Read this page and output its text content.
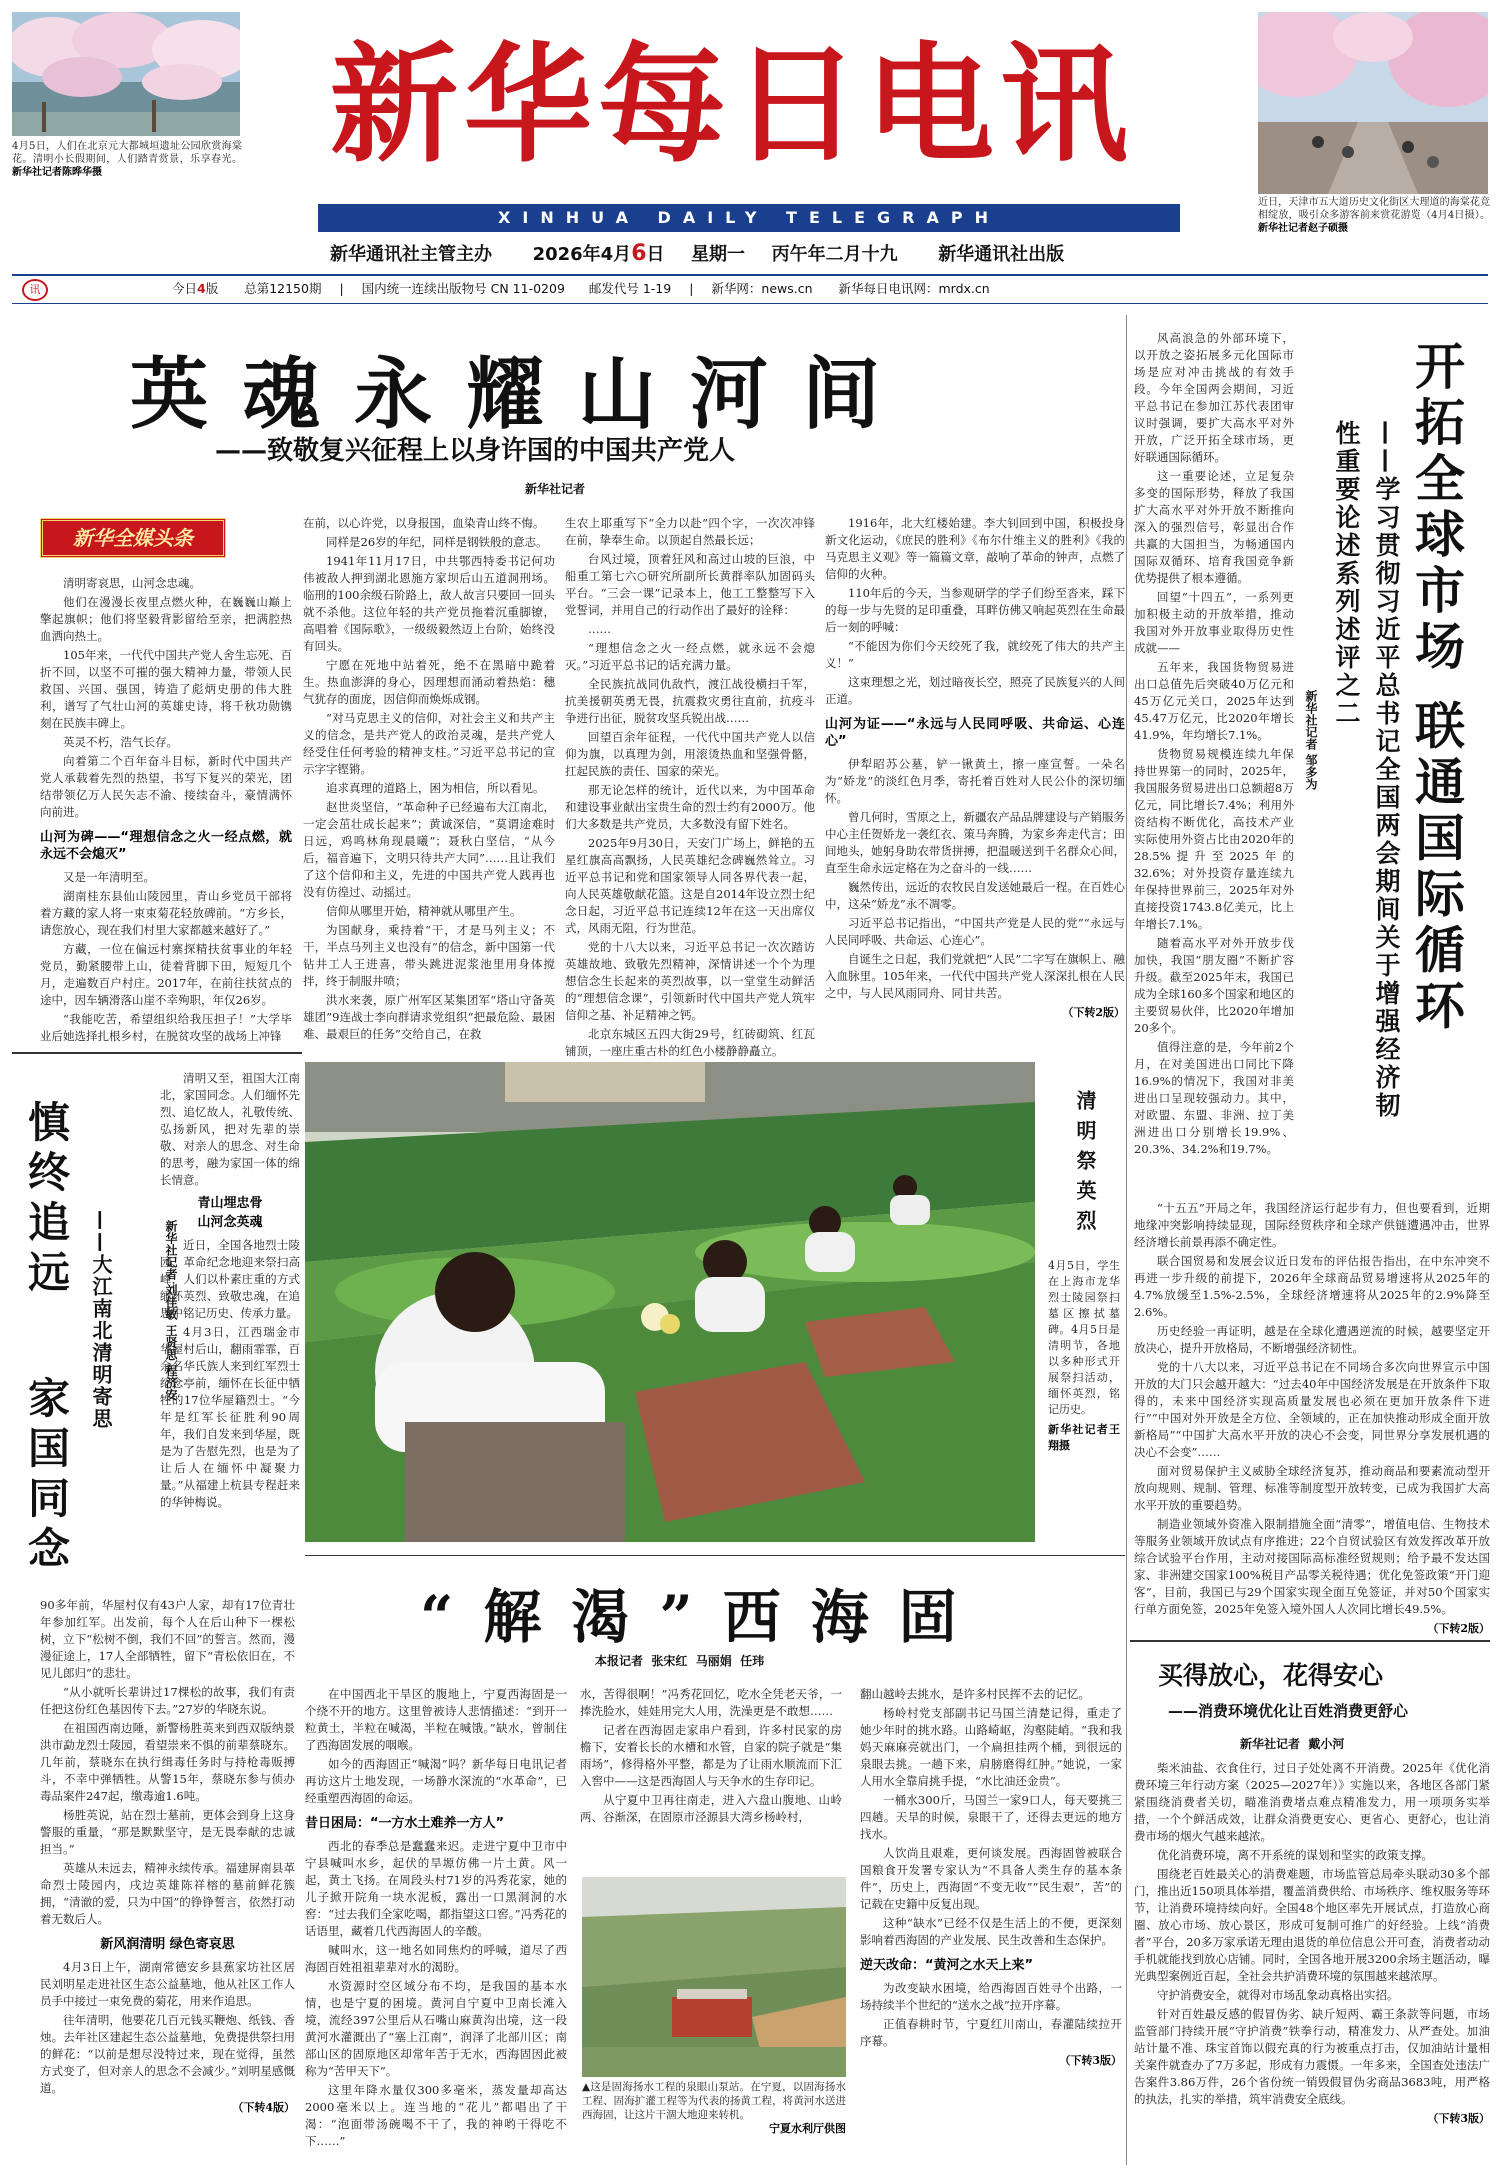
4月5日，人们在北京元大都城垣遗址公园欣赏海棠花。清明小长假期间，人们踏青赏景，乐享春光。 新华社记者陈晔华摄
近日，天津市五大道历史文化街区大理道的海棠花竞相绽放，吸引众多游客前来赏花游览（4月4日摄）。 新华社记者赵子硕摄
新华每日电讯
XINHUA DAILY TELEGRAPH
新华通讯社主管主办 2026年4月6日 星期一 丙午年二月十九 新华通讯社出版
讯	今日4版 总第12150期 | 国内统一连续出版物号 CN 11-0209 邮发代号 1-19 | 新华网：news.cn 新华每日电讯网：mrdx.cn
英魂永耀山河间
——致敬复兴征程上以身许国的中国共产党人
新华社记者
新华全媒头条

清明寄哀思，山河念忠魂。

他们在漫漫长夜里点燃火种，在巍巍山巅上擎起旗帜；他们将坚毅背影留给至亲，把满腔热血洒向热土。

105年来，一代代中国共产党人舍生忘死、百折不回，以坚不可摧的强大精神力量，带领人民救国、兴国、强国，铸造了彪炳史册的伟大胜利，谱写了气壮山河的英雄史诗，将千秋功勋镌刻在民族丰碑上。

英灵不朽，浩气长存。

向着第二个百年奋斗目标，新时代中国共产党人承载着先烈的热望，书写下复兴的荣光，团结带领亿万人民矢志不渝、接续奋斗，豪情满怀向前进。

山河为碑——“理想信念之火一经点燃，就永远不会熄灭”

又是一年清明至。

湖南桂东县仙山陵园里，青山乡党员干部将着方藏的家人将一束束菊花轻放碑前。“方乡长，请您放心，现在我们村里大家都越来越好了。”

方藏，一位在偏远村寨探精扶贫事业的年轻党员，勤紧腰带上山，徒着背脚下田，短短几个月，走遍数百户村庄。2017年，在前往扶贫点的途中，因车辆滑落山崖不幸殉职，年仅26岁。

“我能吃苦，希望组织给我压担子！”大学毕业后她选择扎根乡村，在脱贫攻坚的战场上冲锋

在前，以心许党，以身报国，血染青山终不悔。

同样是26岁的年纪，同样是钢铁般的意志。

1941年11月17日，中共鄂西特委书记何功伟被敌人押到湖北恩施方家坝后山五道洞刑场。临刑的100余级石阶路上，敌人故言只要回一回头就不杀他。这位年轻的共产党员拖着沉重脚镣，高唱着《国际歌》，一级级毅然迈上台阶，始终没有回头。

宁愿在死地中站着死，绝不在黑暗中跪着生。热血澎湃的身心，因理想而涌动着热焰：穗气犹存的面庞，因信仰而焕烁成钢。

“对马克思主义的信仰，对社会主义和共产主义的信念，是共产党人的政治灵魂，是共产党人经受住任何考验的精神支柱。”习近平总书记的宣示字字铿锵。

追求真理的道路上，困为相信，所以看见。

赵世炎坚信，“革命种子已经遍布大江南北，一定会茁壮成长起来”；黄诚深信，“莫谓途难时日远，鸡鸣林角现晨曦”；聂秋白坚信，“从今后，福音遍下，文明只待共产大同”……且让我们了这个信仰和主义，先进的中国共产党人践再也没有仿徨过、动摇过。

信仰从哪里开始，精神就从哪里产生。

为国献身，乘持着“干，才是马列主义；不干，半点马列主义也没有”的信念，新中国第一代钻井工人王进喜，带头跳进泥浆池里用身体搅拌，终于制服井喷；

洪水来袭，原广州军区某集团军“塔山守备英雄团”9连战士李向群请求党组织“把最危险、最困难、最艰巨的任务”交给自己，在救

生农上耶重写下“全力以赴”四个字，一次次冲锋在前，挚奉生命。以顶起自然最长远；

台风过境，顶着狂风和高过山坡的巨浪，中船重工第七六○研究所副所长黄群率队加固码头平台。“三会一课”记录本上，他工工整整写下入党誓词，并用自己的行动作出了最好的诠释：

……

“理想信念之火一经点燃，就永远不会熄灭。”习近平总书记的话充满力量。

全民族抗战同仇敌忾，渡江战役横扫千军，抗美援朝英勇无畏，抗震救灾勇往直前，抗疫斗争进行出征，脱贫攻坚兵锐出战……

回望百余年征程，一代代中国共产党人以信仰为旗，以真理为剑，用滚烫热血和坚强骨骼，扛起民族的责任、国家的荣光。

那无论怎样的统计，近代以来，为中国革命和建设事业献出宝贵生命的烈士约有2000万。他们大多数是共产党员，大多数没有留下姓名。

2025年9月30日，天安门广场上，鲜艳的五星红旗高高飘扬，人民英雄纪念碑巍然耸立。习近平总书记和党和国家领导人同各界代表一起，向人民英雄敬献花篮。这是自2014年设立烈士纪念日起，习近平总书记连续12年在这一天出席仪式，风雨无阻，行为世范。

党的十八大以来，习近平总书记一次次踏访英雄故地、致敬先烈精神，深情讲述一个个为理想信念生长起来的英烈故事，以一堂堂生动鲜活的“理想信念课”，引领新时代中国共产党人筑牢信仰之基、补足精神之钙。

北京东城区五四大街29号，红砖砌筑、红瓦铺顶，一座庄重古朴的红色小楼静静矗立。

1916年，北大红楼始建。李大钊回到中国，积极投身新文化运动，《庶民的胜利》《布尔什维主义的胜利》《我的马克思主义观》等一篇篇文章，敲响了革命的钟声，点燃了信仰的火种。

110年后的今天，当参观研学的学子们纷至沓来，踩下的每一步与先贤的足印重叠，耳畔仿佛又响起英烈在生命最后一刻的呼喊：

“不能因为你们今天绞死了我，就绞死了伟大的共产主义！”

这束理想之光，划过暗夜长空，照亮了民族复兴的人间正道。

山河为证——“永远与人民同呼吸、共命运、心连心”

伊犁昭苏公墓，铲一锹黄土，擦一座宣誓。一朵名为“娇龙”的淡红色月季，寄托着百姓对人民公仆的深切缅怀。

曾几何时，雪原之上，新疆农产品品牌建设与产销服务中心主任贺娇龙一袭红衣、策马奔腾，为家乡奔走代言；田间地头，她躬身助农带货拼搏，把温暖送到千名群众心间，直至生命永远定格在为之奋斗的一线……

巍然传出，远近的农牧民自发送她最后一程。在百姓心中，这朵“娇龙”永不凋零。

习近平总书记指出，“中国共产党是人民的党”“永远与人民同呼吸、共命运、心连心”。

自诞生之日起，我们党就把“人民”二字写在旗帜上、融入血脉里。105年来，一代代中国共产党人深深扎根在人民之中，与人民风雨同舟、同甘共苦。

（下转2版）
清明祭英烈
4月5日，学生在上海市龙华烈士陵园祭扫墓区擦拭墓碑。4月5日是清明节，各地以多种形式开展祭扫活动，缅怀英烈，铭记历史。
新华社记者王翔摄
慎终追远
家国同念
——大江南北清明寄思	新华社记者 刘佳敏 王贤思 程济安

清明又至，祖国大江南北，家国同念。人们缅怀先烈、追忆故人，礼敬传统、弘扬新风，把对先辈的崇敬、对亲人的思念、对生命的思考，融为家国一体的绵长情意。

青山埋忠骨
山河念英魂

近日，全国各地烈士陵园、革命纪念地迎来祭扫高峰，人们以朴素庄重的方式缅怀英烈、致敬忠魂，在追思中铭记历史、传承力量。

4月3日，江西瑞金市华屋村后山，翻雨霏霏，百余名华氏族人来到红军烈士纪念亭前，缅怀在长征中牺牲的17位华屋籍烈士。“今年是红军长征胜利90周年，我们自发来到华屋，既是为了告慰先烈，也是为了让后人在缅怀中凝聚力量。”从福建上杭县专程赶来的华钟梅说。

90多年前，华屋村仅有43户人家，却有17位青壮年参加红军。出发前，每个人在后山种下一棵松树，立下“松树不倒，我们不回”的誓言。然而，漫漫征途上，17人全部牺牲，留下“青松依旧在，不见儿郎归”的悲壮。

“从小就听长辈讲过17棵松的故事，我们有责任把这份红色基因传下去。”27岁的华晓东说。

在祖国西南边陲，新警杨胜英来到西双版纳景洪市勐龙烈士陵园，看望崇来不惧的前辈蔡晓东。几年前，蔡晓东在执行缉毒任务时与持枪毒贩搏斗，不幸中弹牺牲。从警15年，蔡晓东参与侦办毒品案件247起，缴毒逾1.6吨。

杨胜英说，站在烈士墓前，更体会到身上这身警服的重量，“那是默默坚守，是无畏奉献的忠诚担当。”

英雄从未远去，精神永续传承。福建屏南县革命烈士陵园内，戌边英雄陈祥榕的墓前鲜花簇拥，“清澈的爱，只为中国”的铮铮誓言，依然打动着无数后人。

新风润清明 绿色寄哀思

4月3日上午，湖南常德安乡县蕉家坊社区居民刘明星走进社区生态公益墓地，他从社区工作人员手中接过一束免费的菊花，用来作追思。

往年清明，他要花几百元钱买鞭炮、纸钱、香烛。去年社区建起生态公益墓地，免费提供祭扫用的鲜花：“以前是想尽没特过来，现在觉得，虽然方式变了，但对亲人的思念不会减少。”刘明星感慨道。

（下转4版）
开拓全球市场 联通国际循环
——学习贯彻习近平总书记全国两会期间关于增强经济韧性重要论述系列述评之二
新华社记者 邹多为

风高浪急的外部环境下，以开放之姿拓展多元化国际市场是应对冲击挑战的有效手段。今年全国两会期间，习近平总书记在参加江苏代表团审议时强调，要扩大高水平对外开放，广泛开拓全球市场，更好联通国际循环。

这一重要论述，立足复杂多变的国际形势，释放了我国扩大高水平对外开放不断推向深入的强烈信号，彰显出合作共赢的大国担当，为畅通国内国际双循环、培育我国竞争新优势提供了根本遵循。

回望“十四五”，一系列更加积极主动的开放举措，推动我国对外开放事业取得历史性成就——

五年来，我国货物贸易进出口总值先后突破40万亿元和45万亿元关口，2025年达到45.47万亿元，比2020年增长41.9%，年均增长7.1%。

货物贸易规模连续九年保持世界第一的同时，2025年，我国服务贸易进出口总额超8万亿元，同比增长7.4%；利用外资结构不断优化，高技术产业实际使用外资占比由2020年的28.5%提升至2025年的32.6%；对外投资存量连续九年保持世界前三，2025年对外直接投资1743.8亿美元，比上年增长7.1%。

随着高水平对外开放步伐加快，我国“朋友圈”不断扩容升级。截至2025年末，我国已成为全球160多个国家和地区的主要贸易伙伴，比2020年增加20多个。

值得注意的是，今年前2个月，在对美国进出口同比下降16.9%的情况下，我国对非美进出口呈现较强动力。其中，对欧盟、东盟、非洲、拉丁美洲进出口分别增长19.9%、20.3%、34.2%和19.7%。

“十五五”开局之年，我国经济运行起步有力，但也要看到，近期地缘冲突影响持续显现，国际经贸秩序和全球产供链遭遇冲击，世界经济增长前景再添不确定性。

联合国贸易和发展会议近日发布的评估报告指出，在中东冲突不再进一步升级的前提下，2026年全球商品贸易增速将从2025年的4.7%放缓至1.5%-2.5%，全球经济增速将从2025年的2.9%降至2.6%。

历史经验一再证明，越是在全球化遭遇逆流的时候，越要坚定开放决心，提升开放格局，不断增强经济韧性。

党的十八大以来，习近平总书记在不同场合多次向世界宣示中国开放的大门只会越开越大：“过去40年中国经济发展是在开放条件下取得的，未来中国经济实现高质量发展也必须在更加开放条件下进行”“中国对外开放是全方位、全领域的，正在加快推动形成全面开放新格局”“中国扩大高水平开放的决心不会变，同世界分享发展机遇的决心不会变”……

面对贸易保护主义威胁全球经济复苏，推动商品和要素流动型开放向规则、规制、管理、标准等制度型开放转变，已成为我国扩大高水平开放的重要趋势。

制造业领域外资准入限制措施全面“清零”，增值电信、生物技术等服务业领域开放试点有序推进；22个自贸试验区有效发挥改革开放综合试验平台作用，主动对接国际高标准经贸规则；给予最不发达国家、非洲建交国家100%税目产品零关税待遇；优化免签政策“开门迎客”，目前，我国已与29个国家实现全面互免签证，并对50个国家实行单方面免签，2025年免签入境外国人人次同比增长49.5%。

（下转2版）
“解渴”西海固
本报记者  张宋红  马丽娟  任玮

在中国西北干旱区的腹地上，宁夏西海固是一个绕不开的地方。这里曾被诗人悲情描述：“到开一粒黄土，半粒在喊渴，半粒在喊饿。”缺水，曾制住了西海固发展的咽喉。

如今的西海固正“喊渴”吗？新华每日电讯记者再访这片土地发现，一场静水深流的“水革命”，已经重塑西海固的命运。

昔日困局：“一方水土难养一方人”

西北的春季总是蠢蠢来迟。走进宁夏中卫市中宁县喊叫水乡，起伏的旱塬仿佛一片土黄。风一起，黄土飞扬。在周段头村71岁的冯秀花家，她的儿子掀开院角一块水泥板，露出一口黑洞洞的水窖：“过去我们全家吃喝，都指望这口窖。”冯秀花的话语里，藏着几代西海固人的辛酸。

喊叫水，这一地名如同焦灼的呼喊，道尽了西海固百姓祖祖辈辈对水的渴盼。

水资源时空区域分布不均，是我国的基本水情，也是宁夏的困境。黄河自宁夏中卫南长滩入境，流经397公里后从石嘴山麻黄沟出境，这一段黄河水灌溉出了“塞上江南”，润泽了北部川区；南部山区的固原地区却常年苦于无水，西海固因此被称为“苦甲天下”。

这里年降水量仅300多毫米，蒸发量却高达2000毫米以上。连当地的“花儿”都唱出了干渴：“泡面带汤碗喝不干了，我的神哟干得吃不下……”

水，苦得很啊！”冯秀花回忆，吃水全凭老天爷，一捧洗脸水，娃娃用完大人用，洗澡更是不敢想……

记者在西海固走家串户看到，许多村民家的房檐下，安着长长的水槽和水管，自家的院子就是“集雨场”，修得格外平整，都是为了让雨水顺流而下汇入窖中——这是西海固人与天争水的生存印记。

从宁夏中卫再往南走，进入六盘山腹地、山岭两、谷渐深，在固原市泾源县大湾乡杨岭村，

▲这是固海扬水工程的泉眼山泵站。在宁夏，以固海扬水工程、固海扩灌工程等为代表的扬黄工程，将黄河水送进西海固，让这片干涸大地迎来转机。
宁夏水利厅供图

翻山越岭去挑水，是许多村民挥不去的记忆。

杨岭村党支部副书记马国兰清楚记得，重走了她少年时的挑水路。山路崎岖，沟壑陡峭。“我和我妈天麻麻亮就出门，一个扁担挂两个桶，到很远的泉眼去挑。一趟下来，肩膀磨得红肿。”她说，一家人用水全靠肩挑手提，“水比油还金贵”。

一桶水300斤，马国兰一家9口人，每天要挑三四趟。天旱的时候，泉眼干了，还得去更远的地方找水。

人饮尚且艰难，更何谈发展。西海固曾被联合国粮食开发署专家认为“不具备人类生存的基本条件”，历史上，西海固“不变无收”“民生艰”，苦”的记载在史籍中反复出现。

这种“缺水”已经不仅是生活上的不便，更深刻影响着西海固的产业发展、民生改善和生态保护。

逆天改命：“黄河之水天上来”

为改变缺水困境，给西海固百姓寻个出路，一场持续半个世纪的“送水之战”拉开序幕。

正值春耕时节，宁夏红川南山，春灌陆续拉开序幕。

（下转3版）
买得放心，花得安心
——消费环境优化让百姓消费更舒心
新华社记者  戴小河

柴米油盐、衣食住行，过日子处处离不开消费。2025年《优化消费环境三年行动方案（2025—2027年）》实施以来，各地区各部门紧紧围绕消费者关切，瞄准消费堵点难点精准发力，用一项项务实举措，一个个鲜活成效，让群众消费更安心、更省心、更舒心，也让消费市场的烟火气越来越浓。

优化消费环境，离不开系统的谋划和坚实的政策支撑。

围绕老百姓最关心的消费难题，市场监管总局牵头联动30多个部门，推出近150项具体举措，覆盖消费供给、市场秩序、维权服务等环节，让消费环境持续向好。全国48个地区率先开展试点，打造放心商圈、放心市场、放心景区，形成可复制可推广的好经验。上线“消费者”平台，20多万家承诺无理由退货的单位信息公开可查，消费者动动手机就能找到放心店铺。同时，全国各地开展3200余场主题活动，曝光典型案例近百起，全社会共护消费环境的氛围越来越浓厚。

守护消费安全，就得对市场乱象动真格出实招。

针对百姓最反感的假冒伪劣、缺斤短两、霸王条款等问题，市场监管部门持续开展“守护消费”铁拳行动，精准发力、从严查处。加油站计量不准、珠宝首饰以假充真的行为被重点打击，仅加油站计量相关案件就查办了7万多起，形成有力震慑。一年多来，全国查处违法广告案件3.86万件，26个省份统一销毁假冒伪劣商品3683吨，用严格的执法，扎实的举措，筑牢消费安全底线。

（下转3版）
